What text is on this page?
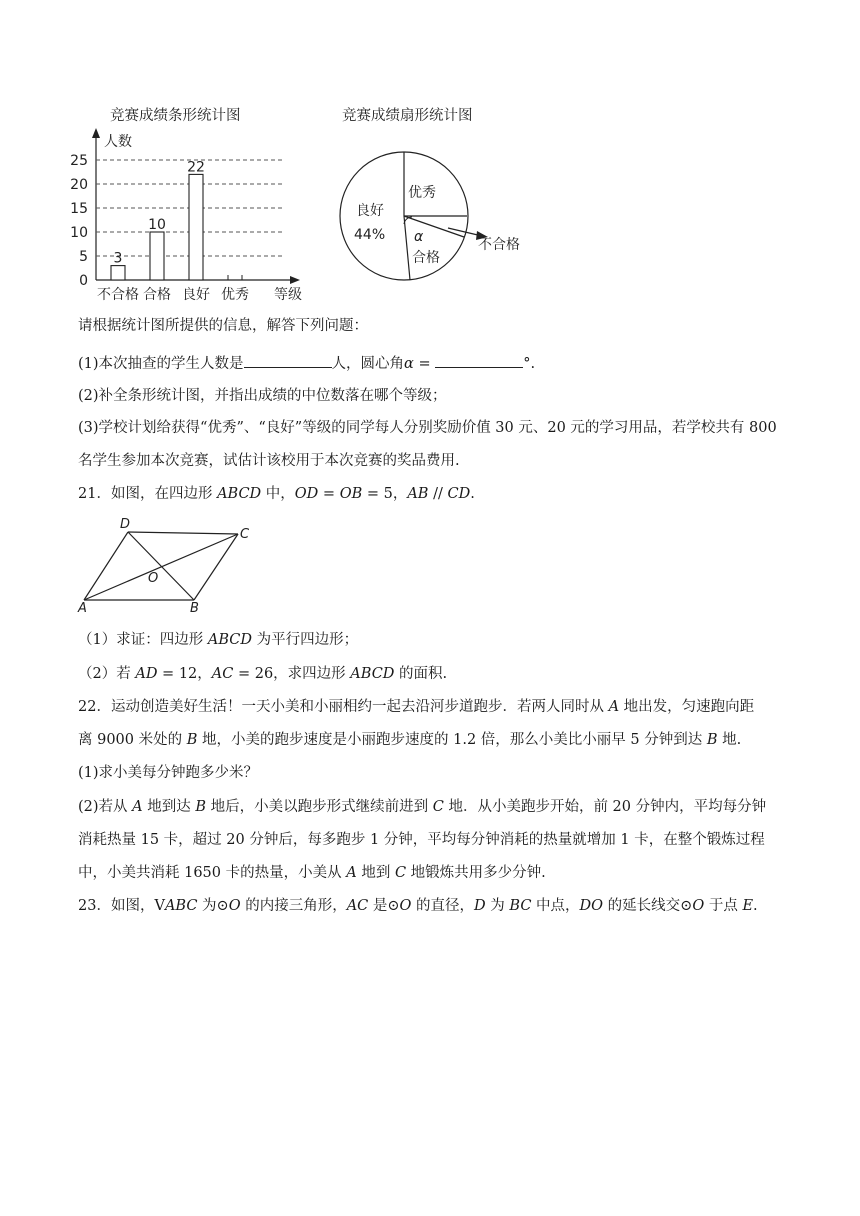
竞赛成绩条形统计图
人数
等级
0
5
10
15
20
25
3
10
22
不合格 合格 良好 优秀
竞赛成绩扇形统计图
优秀
良好
44% α
合格
不合格
请根据统计图所提供的信息，解答下列问题：
(1)本次抽查的学生人数是	人，圆心角α =	°.
(2)补全条形统计图，并指出成绩的中位数落在哪个等级；
(3)学校计划给获得“优秀”、“良好”等级的同学每人分别奖励价值 30 元、20 元的学习用品，若学校共有 800
名学生参加本次竞赛，试估计该校用于本次竞赛的奖品费用.
21．如图，在四边形 ABCD 中，OD = OB = 5，AB // CD.
D
C
O
A	B
（1）求证：四边形 ABCD 为平行四边形；
（2）若 AD = 12，AC = 26，求四边形 ABCD 的面积.
22．运动创造美好生活！一天小美和小丽相约一起去沿河步道跑步．若两人同时从 A 地出发，匀速跑向距
离 9000 米处的 B 地，小美的跑步速度是小丽跑步速度的 1.2 倍，那么小美比小丽早 5 分钟到达 B 地.
(1)求小美每分钟跑多少米？
(2)若从 A 地到达 B 地后，小美以跑步形式继续前进到 C 地．从小美跑步开始，前 20 分钟内，平均每分钟
消耗热量 15 卡，超过 20 分钟后，每多跑步 1 分钟，平均每分钟消耗的热量就增加 1 卡，在整个锻炼过程
中，小美共消耗 1650 卡的热量，小美从 A 地到 C 地锻炼共用多少分钟.
23．如图，VABC 为⊙O 的内接三角形，AC 是⊙O 的直径，D 为 BC 中点，DO 的延长线交⊙O 于点 E.
